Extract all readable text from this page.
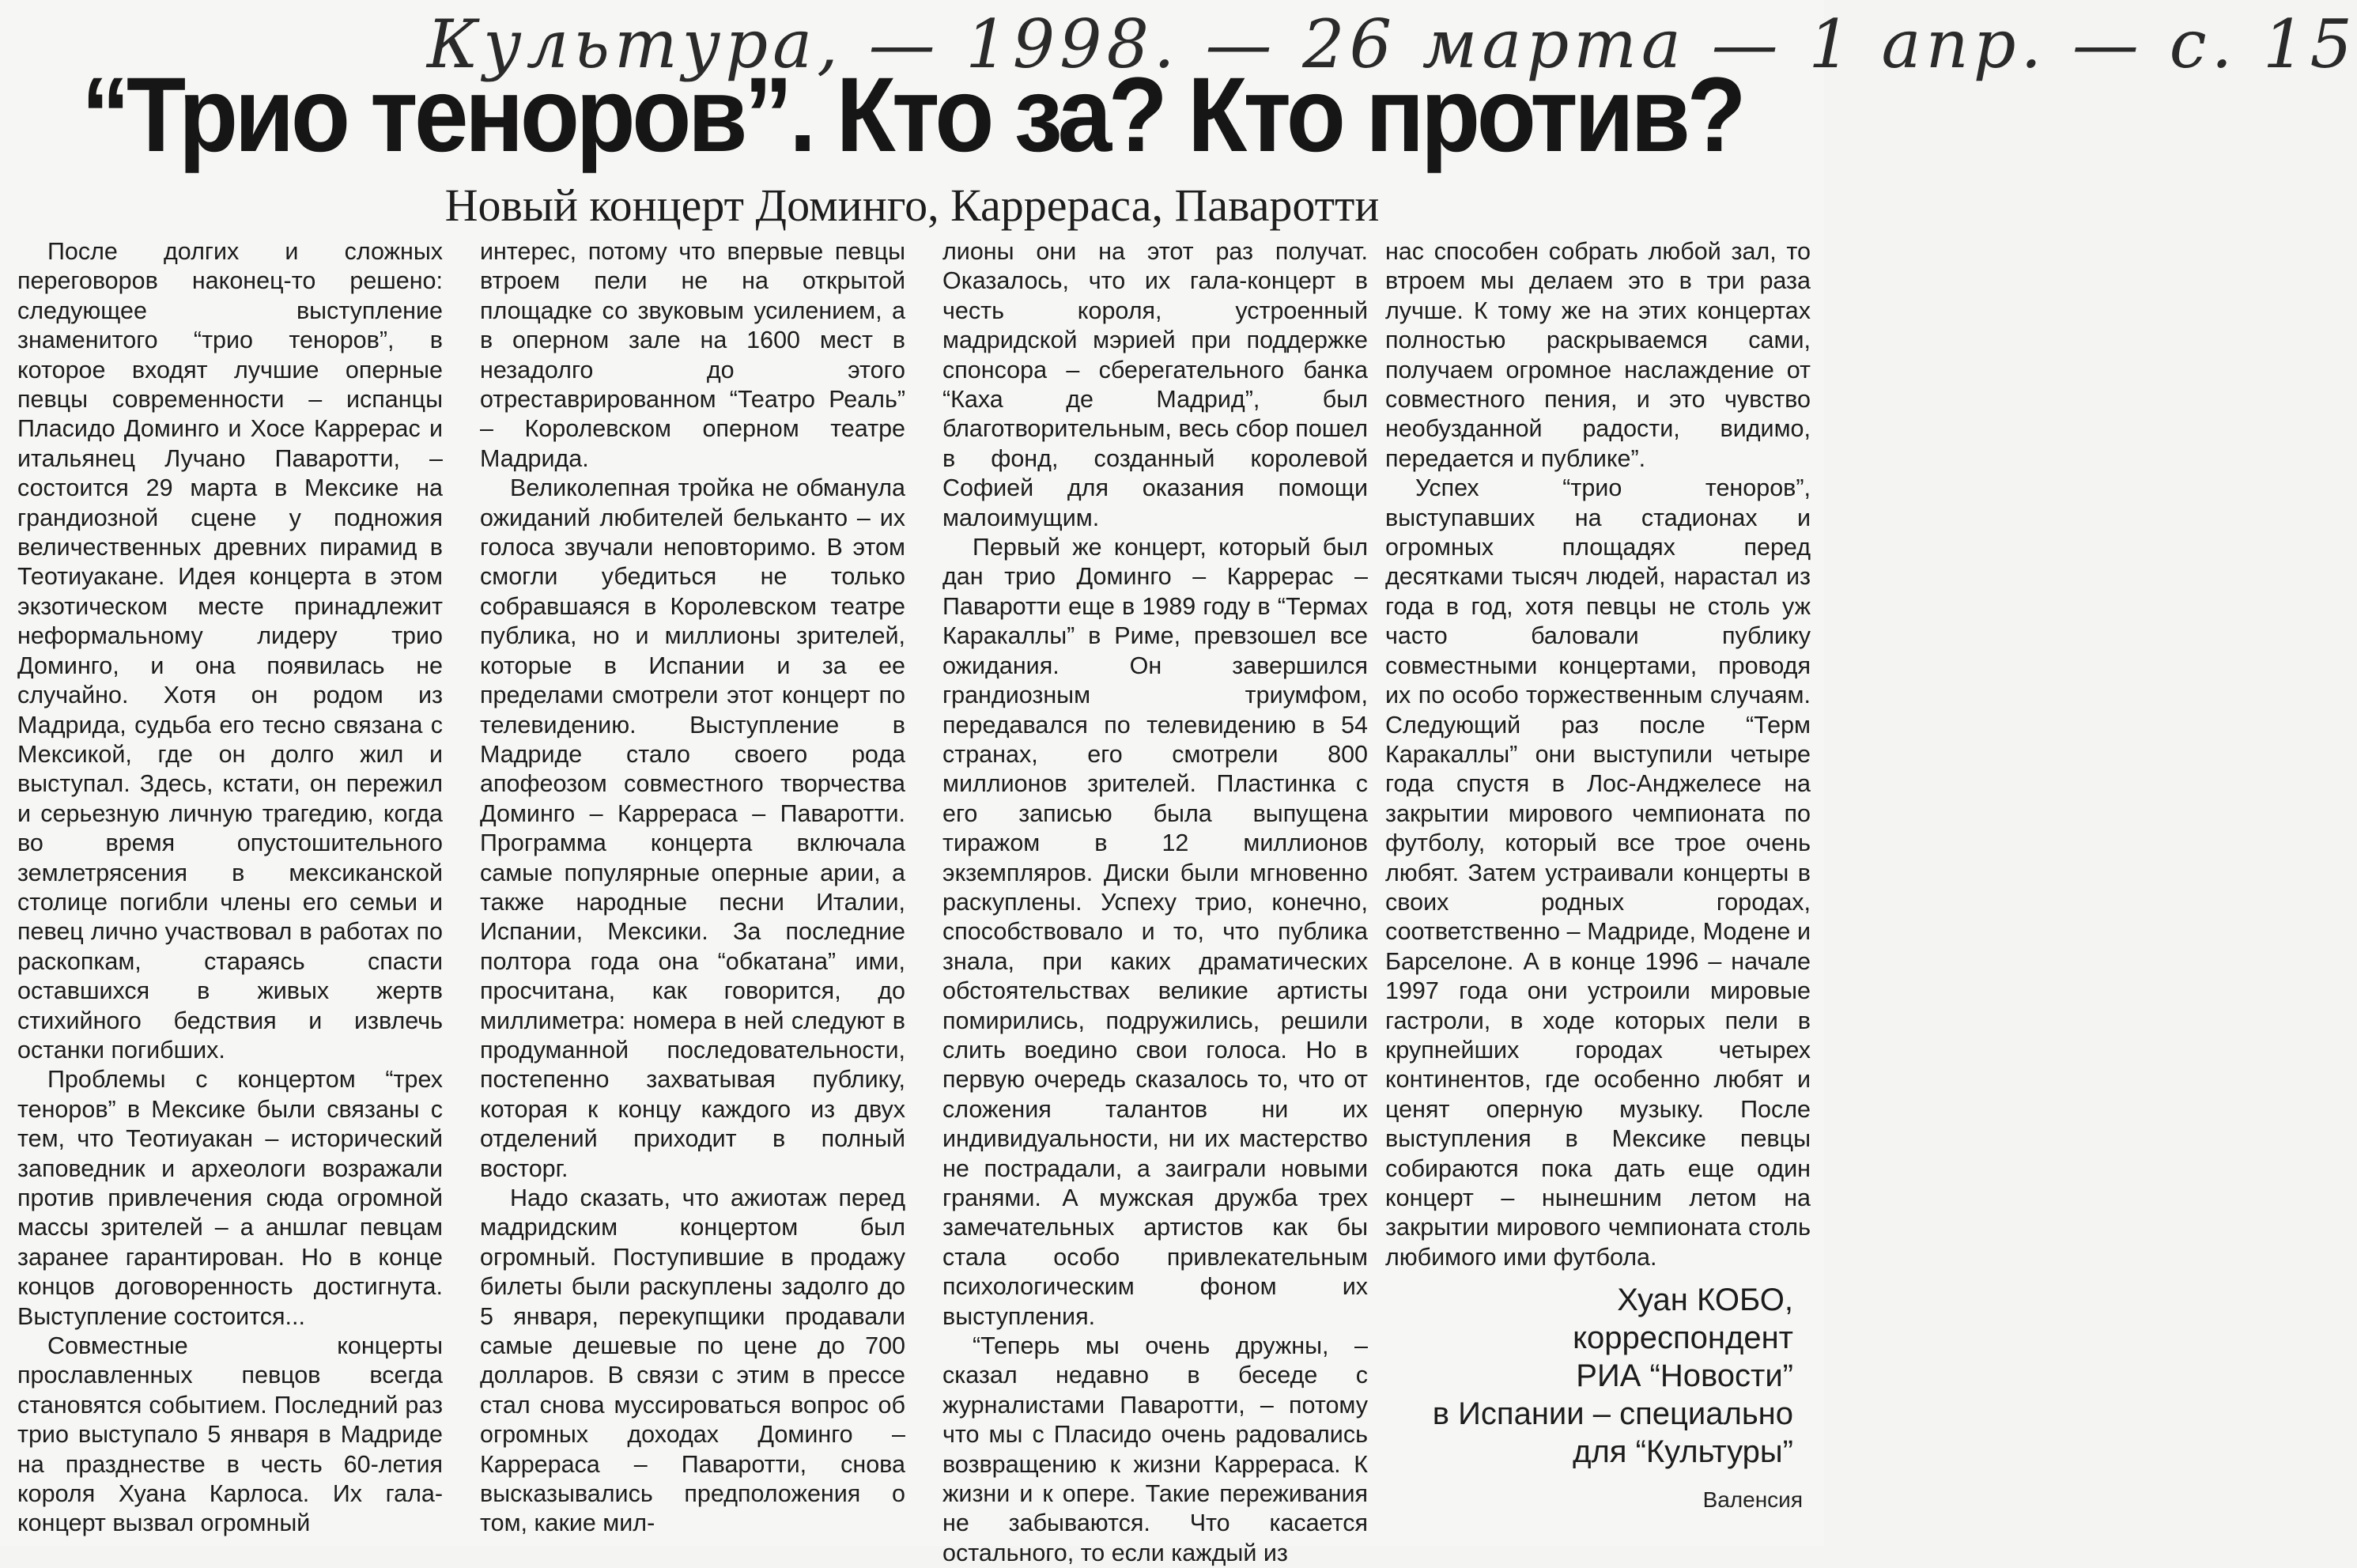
Культура, — 1998. — 26 марта — 1 апр. — с. 15
“Трио теноров”. Кто за? Кто против?
Новый концерт Доминго, Каррераса, Паваротти

После долгих и сложных переговоров наконец-то решено: следующее выступление знаменитого “трио теноров”, в которое входят лучшие оперные певцы современности – испанцы Пласидо Доминго и Хосе Каррерас и итальянец Лучано Паваротти, – состоится 29 марта в Мексике на грандиозной сцене у подножия величественных древних пирамид в Теотиуакане. Идея концерта в этом экзотическом месте принадлежит неформальному лидеру трио Доминго, и она появилась не случайно. Хотя он родом из Мадрида, судьба его тесно связана с Мексикой, где он долго жил и выступал. Здесь, кстати, он пережил и серьезную личную трагедию, когда во время опустошительного землетрясения в мексиканской столице погибли члены его семьи и певец лично участвовал в работах по раскопкам, стараясь спасти оставшихся в живых жертв стихийного бедствия и извлечь останки погибших.

Проблемы с концертом “трех теноров” в Мексике были связаны с тем, что Теотиуакан – исторический заповедник и археологи возражали против привлечения сюда огромной массы зрителей – а аншлаг певцам заранее гарантирован. Но в конце концов договоренность достигнута. Выступление состоится...

Совместные концерты прославленных певцов всегда становятся событием. Последний раз трио выступало 5 января в Мадриде на празднестве в честь 60-летия короля Хуана Карлоса. Их гала-концерт вызвал огромный

интерес, потому что впервые певцы втроем пели не на открытой площадке со звуковым усилением, а в оперном зале на 1600 мест в незадолго до этого отреставрированном “Театро Реаль” – Королевском оперном театре Мадрида.

Великолепная тройка не обманула ожиданий любителей бельканто – их голоса звучали неповторимо. В этом смогли убедиться не только собравшаяся в Королевском театре публика, но и миллионы зрителей, которые в Испании и за ее пределами смотрели этот концерт по телевидению. Выступление в Мадриде стало своего рода апофеозом совместного творчества Доминго – Каррераса – Паваротти. Программа концерта включала самые популярные оперные арии, а также народные песни Италии, Испании, Мексики. За последние полтора года она “обкатана” ими, просчитана, как говорится, до миллиметра: номера в ней следуют в продуманной последовательности, постепенно захватывая публику, которая к концу каждого из двух отделений приходит в полный восторг.

Надо сказать, что ажиотаж перед мадридским концертом был огромный. Поступившие в продажу билеты были раскуплены задолго до 5 января, перекупщики продавали самые дешевые по цене до 700 долларов. В связи с этим в прессе стал снова муссироваться вопрос об огромных доходах Доминго – Каррераса – Паваротти, снова высказывались предположения о том, какие мил-

лионы они на этот раз получат. Оказалось, что их гала-концерт в честь короля, устроенный мадридской мэрией при поддержке спонсора – сберегательного банка “Каха де Мадрид”, был благотворительным, весь сбор пошел в фонд, созданный королевой Софией для оказания помощи малоимущим.

Первый же концерт, который был дан трио Доминго – Каррерас – Паваротти еще в 1989 году в “Термах Каракаллы” в Риме, превзошел все ожидания. Он завершился грандиозным триумфом, передавался по телевидению в 54 странах, его смотрели 800 миллионов зрителей. Пластинка с его записью была выпущена тиражом в 12 миллионов экземпляров. Диски были мгновенно раскуплены. Успеху трио, конечно, способствовало и то, что публика знала, при каких драматических обстоятельствах великие артисты помирились, подружились, решили слить воедино свои голоса. Но в первую очередь сказалось то, что от сложения талантов ни их индивидуальности, ни их мастерство не пострадали, а заиграли новыми гранями. А мужская дружба трех замечательных артистов как бы стала особо привлекательным психологическим фоном их выступления.

“Теперь мы очень дружны, – сказал недавно в беседе с журналистами Паваротти, – потому что мы с Пласидо очень радовались возвращению к жизни Каррераса. К жизни и к опере. Такие переживания не забываются. Что касается остального, то если каждый из

нас способен собрать любой зал, то втроем мы делаем это в три раза лучше. К тому же на этих концертах полностью раскрываемся сами, получаем огромное наслаждение от совместного пения, и это чувство необузданной радости, видимо, передается и публике”.

Успех “трио теноров”, выступавших на стадионах и огромных площадях перед десятками тысяч людей, нарастал из года в год, хотя певцы не столь уж часто баловали публику совместными концертами, проводя их по особо торжественным случаям. Следующий раз после “Терм Каракаллы” они выступили четыре года спустя в Лос-Анджелесе на закрытии мирового чемпионата по футболу, который все трое очень любят. Затем устраивали концерты в своих родных городах, соответственно – Мадриде, Модене и Барселоне. А в конце 1996 – начале 1997 года они устроили мировые гастроли, в ходе которых пели в крупнейших городах четырех континентов, где особенно любят и ценят оперную музыку. После выступления в Мексике певцы собираются пока дать еще один концерт – нынешним летом на закрытии мирового чемпионата столь любимого ими футбола.

Хуан КОБО,
корреспондент
РИА “Новости”
в Испании – специально
для “Культуры”
Валенсия
